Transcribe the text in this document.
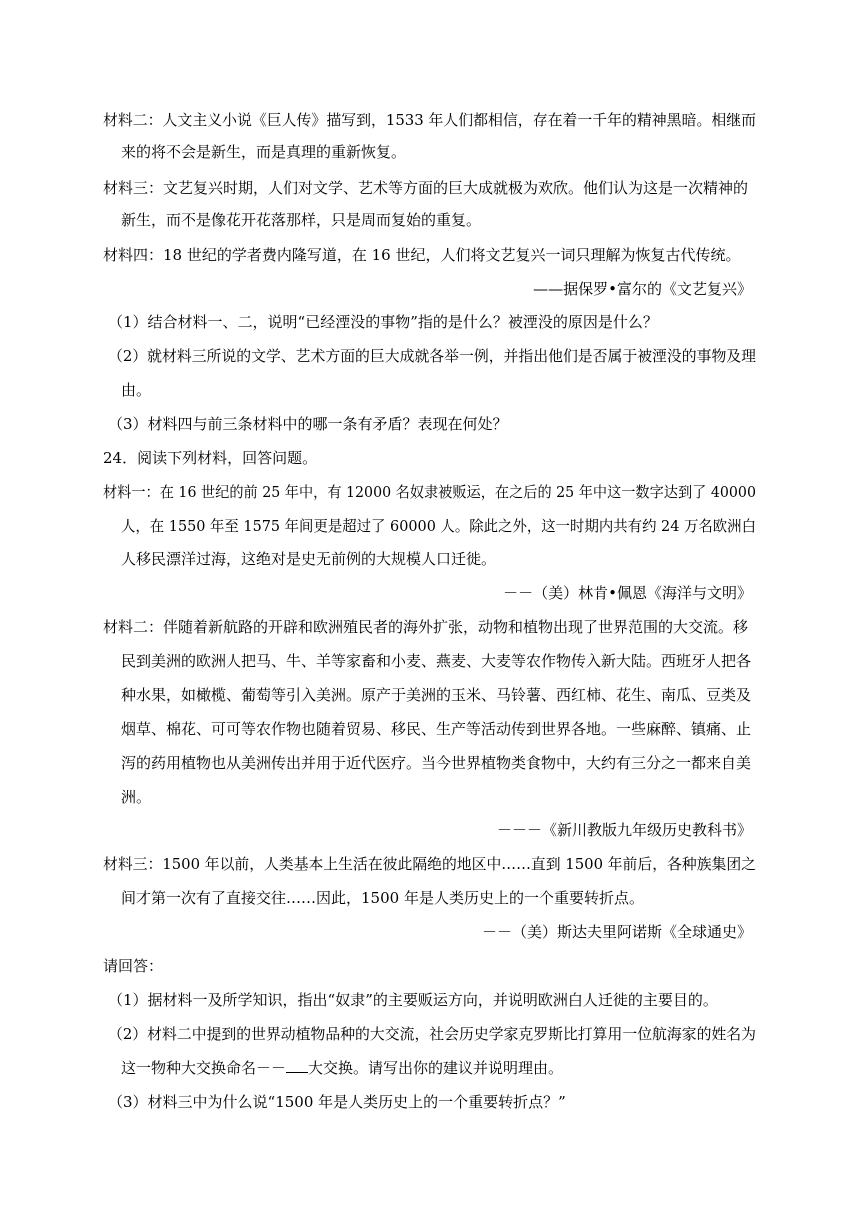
材料二：人文主义小说《巨人传》描写到，1533 年人们都相信，存在着一千年的精神黑暗。相继而
来的将不会是新生，而是真理的重新恢复。
材料三：文艺复兴时期，人们对文学、艺术等方面的巨大成就极为欢欣。他们认为这是一次精神的
新生，而不是像花开花落那样，只是周而复始的重复。
材料四：18 世纪的学者费内隆写道，在 16 世纪，人们将文艺复兴一词只理解为恢复古代传统。
——据保罗•富尔的《文艺复兴》
（1）结合材料一、二，说明“已经湮没的事物”指的是什么？被湮没的原因是什么？
（2）就材料三所说的文学、艺术方面的巨大成就各举一例，并指出他们是否属于被湮没的事物及理
由。
（3）材料四与前三条材料中的哪一条有矛盾？表现在何处？
24．阅读下列材料，回答问题。
材料一：在 16 世纪的前 25 年中，有 12000 名奴隶被贩运，在之后的 25 年中这一数字达到了 40000
人，在 1550 年至 1575 年间更是超过了 60000 人。除此之外，这一时期内共有约 24 万名欧洲白
人移民漂洋过海，这绝对是史无前例的大规模人口迁徙。
－－（美）林肯•佩恩《海洋与文明》
材料二：伴随着新航路的开辟和欧洲殖民者的海外扩张，动物和植物出现了世界范围的大交流。移
民到美洲的欧洲人把马、牛、羊等家畜和小麦、燕麦、大麦等农作物传入新大陆。西班牙人把各
种水果，如橄榄、葡萄等引入美洲。原产于美洲的玉米、马铃薯、西红柿、花生、南瓜、豆类及
烟草、棉花、可可等农作物也随着贸易、移民、生产等活动传到世界各地。一些麻醉、镇痛、止
泻的药用植物也从美洲传出并用于近代医疗。当今世界植物类食物中，大约有三分之一都来自美
洲。
－－－《新川教版九年级历史教科书》
材料三：1500 年以前，人类基本上生活在彼此隔绝的地区中……直到 1500 年前后，各种族集团之
间才第一次有了直接交往……因此，1500 年是人类历史上的一个重要转折点。
－－（美）斯达夫里阿诺斯《全球通史》
请回答：
（1）据材料一及所学知识，指出“奴隶”的主要贩运方向，并说明欧洲白人迁徙的主要目的。
（2）材料二中提到的世界动植物品种的大交流，社会历史学家克罗斯比打算用一位航海家的姓名为
这一物种大交换命名－－ 大交换。请写出你的建议并说明理由。
（3）材料三中为什么说“1500 年是人类历史上的一个重要转折点？”
